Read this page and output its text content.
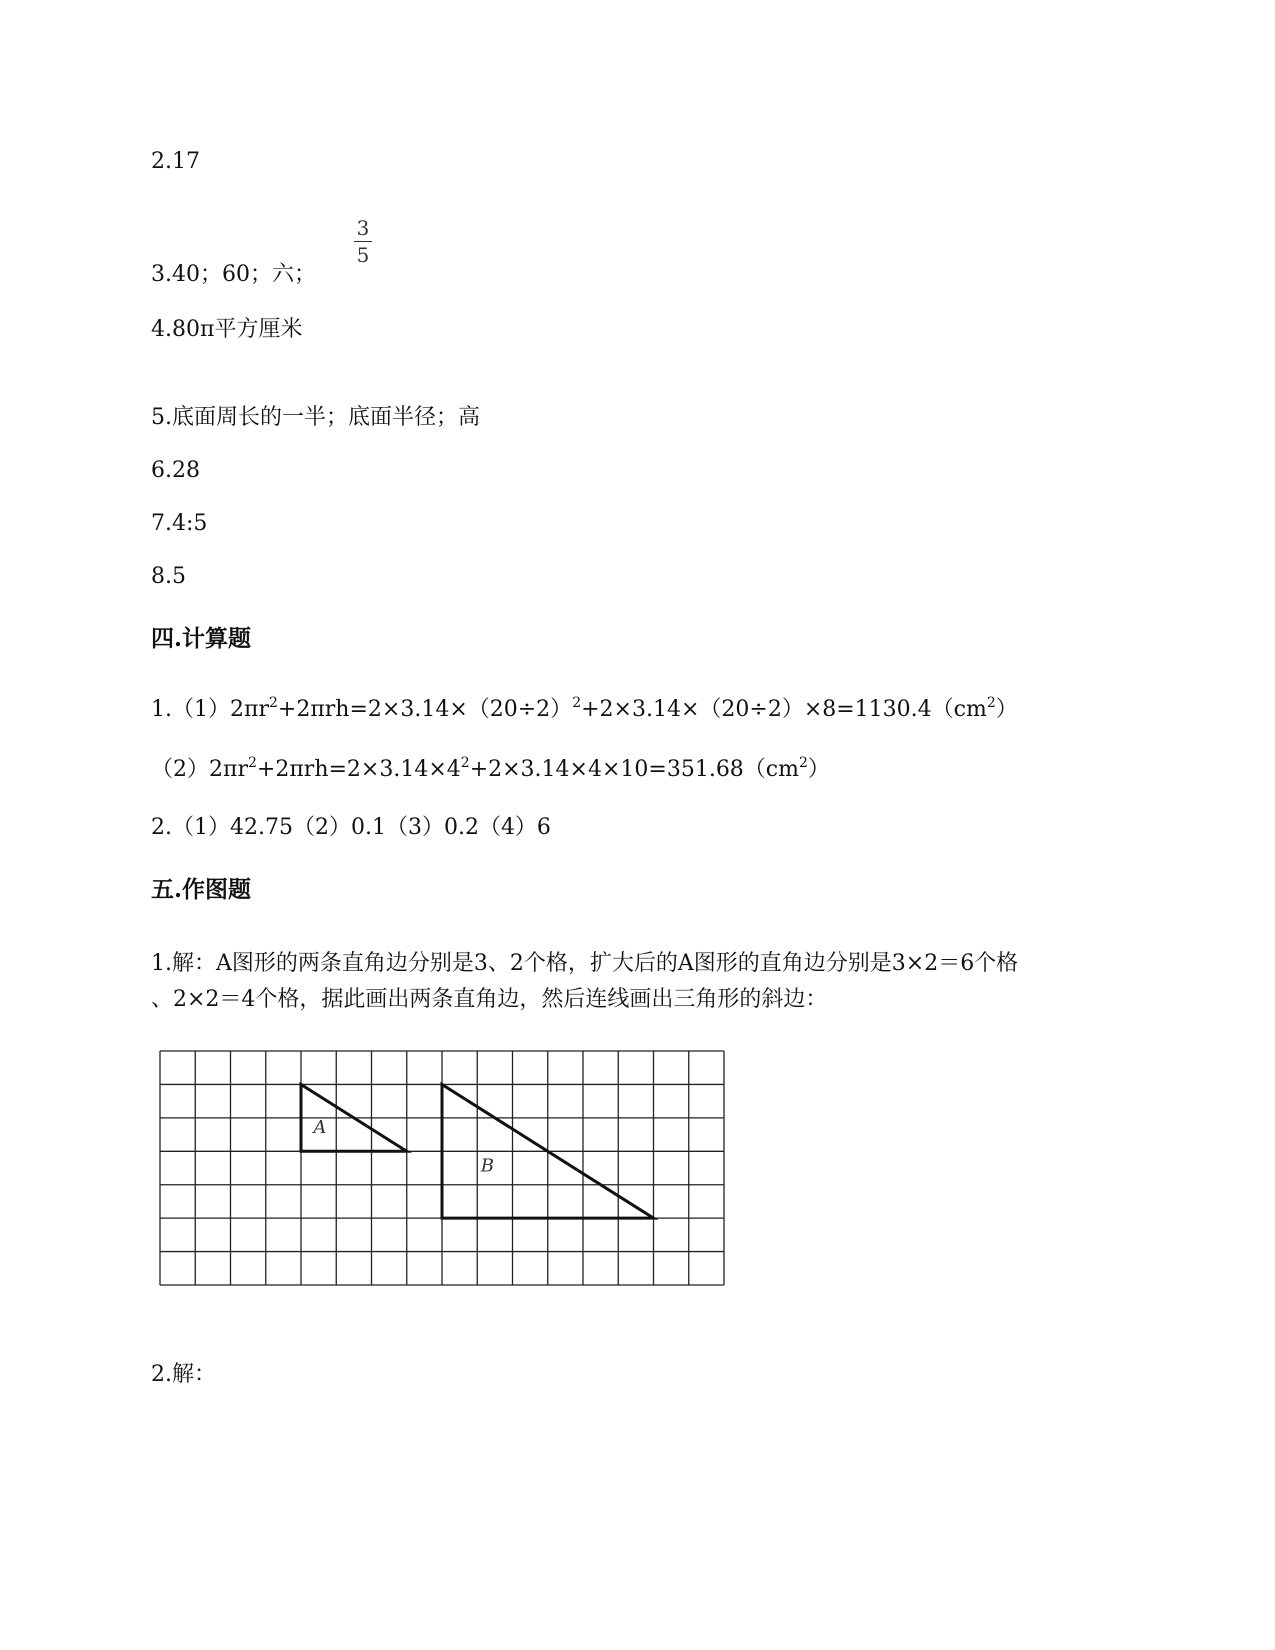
2.17
3.40；60；六；
3
5
4.80π平方厘米
5.底面周长的一半；底面半径；高
6.28
7.4:5
8.5
四.计算题
$1.(1)2\pi r^2+2\pi rh=2\times 3.14\times(20\div 2)^2+2\times 3.14\times(20\div 2)\times 8=1130.4(cm^2)$
$(2)2\pi r^2+2\pi rh=2\times 3.14\times 4^2+2\times 3.14\times 4\times 10=351.68(cm^2)$
2.（1）42.75（2）0.1（3）0.2（4）6
五.作图题
1.解：A图形的两条直角边分别是3、2个格，扩大后的A图形的直角边分别是3×2＝6个格
、2×2＝4个格，据此画出两条直角边，然后连线画出三角形的斜边：
A
B
2.解：
